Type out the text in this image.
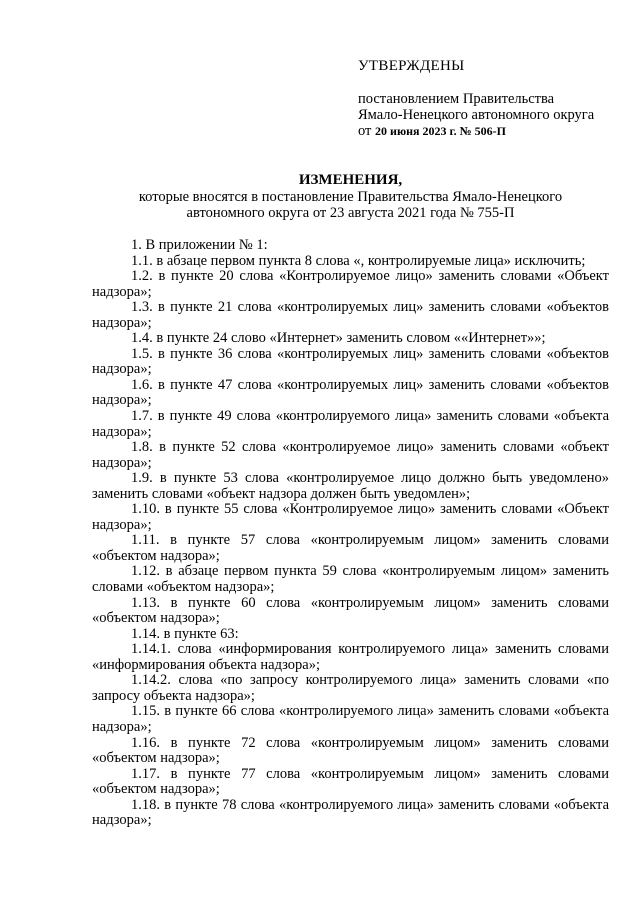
УТВЕРЖДЕНЫ
постановлением Правительства
Ямало-Ненецкого автономного округа
от 20 июня 2023 г. № 506-П
ИЗМЕНЕНИЯ,
которые вносятся в постановление Правительства Ямало-Ненецкого
автономного округа от 23 августа 2021 года № 755-П

1. В приложении № 1:

1.1. в абзаце первом пункта 8 слова «, контролируемые лица» исключить;

1.2. в пункте 20 слова «Контролируемое лицо» заменить словами «Объект надзора»;

1.3. в пункте 21 слова «контролируемых лиц» заменить словами «объектов надзора»;

1.4. в пункте 24 слово «Интернет» заменить словом ««Интернет»»;

1.5. в пункте 36 слова «контролируемых лиц» заменить словами «объектов надзора»;

1.6. в пункте 47 слова «контролируемых лиц» заменить словами «объектов надзора»;

1.7. в пункте 49 слова «контролируемого лица» заменить словами «объекта надзора»;

1.8. в пункте 52 слова «контролируемое лицо» заменить словами «объект надзора»;

1.9. в пункте 53 слова «контролируемое лицо должно быть уведомлено» заменить словами «объект надзора должен быть уведомлен»;

1.10. в пункте 55 слова «Контролируемое лицо» заменить словами «Объект надзора»;

1.11. в пункте 57 слова «контролируемым лицом» заменить словами «объектом надзора»;

1.12. в абзаце первом пункта 59 слова «контролируемым лицом» заменить словами «объектом надзора»;

1.13. в пункте 60 слова «контролируемым лицом» заменить словами «объектом надзора»;

1.14. в пункте 63:

1.14.1. слова «информирования контролируемого лица» заменить словами «информирования объекта надзора»;

1.14.2. слова «по запросу контролируемого лица» заменить словами «по запросу объекта надзора»;

1.15. в пункте 66 слова «контролируемого лица» заменить словами «объекта надзора»;

1.16. в пункте 72 слова «контролируемым лицом» заменить словами «объектом надзора»;

1.17. в пункте 77 слова «контролируемым лицом» заменить словами «объектом надзора»;

1.18. в пункте 78 слова «контролируемого лица» заменить словами «объекта надзора»;
